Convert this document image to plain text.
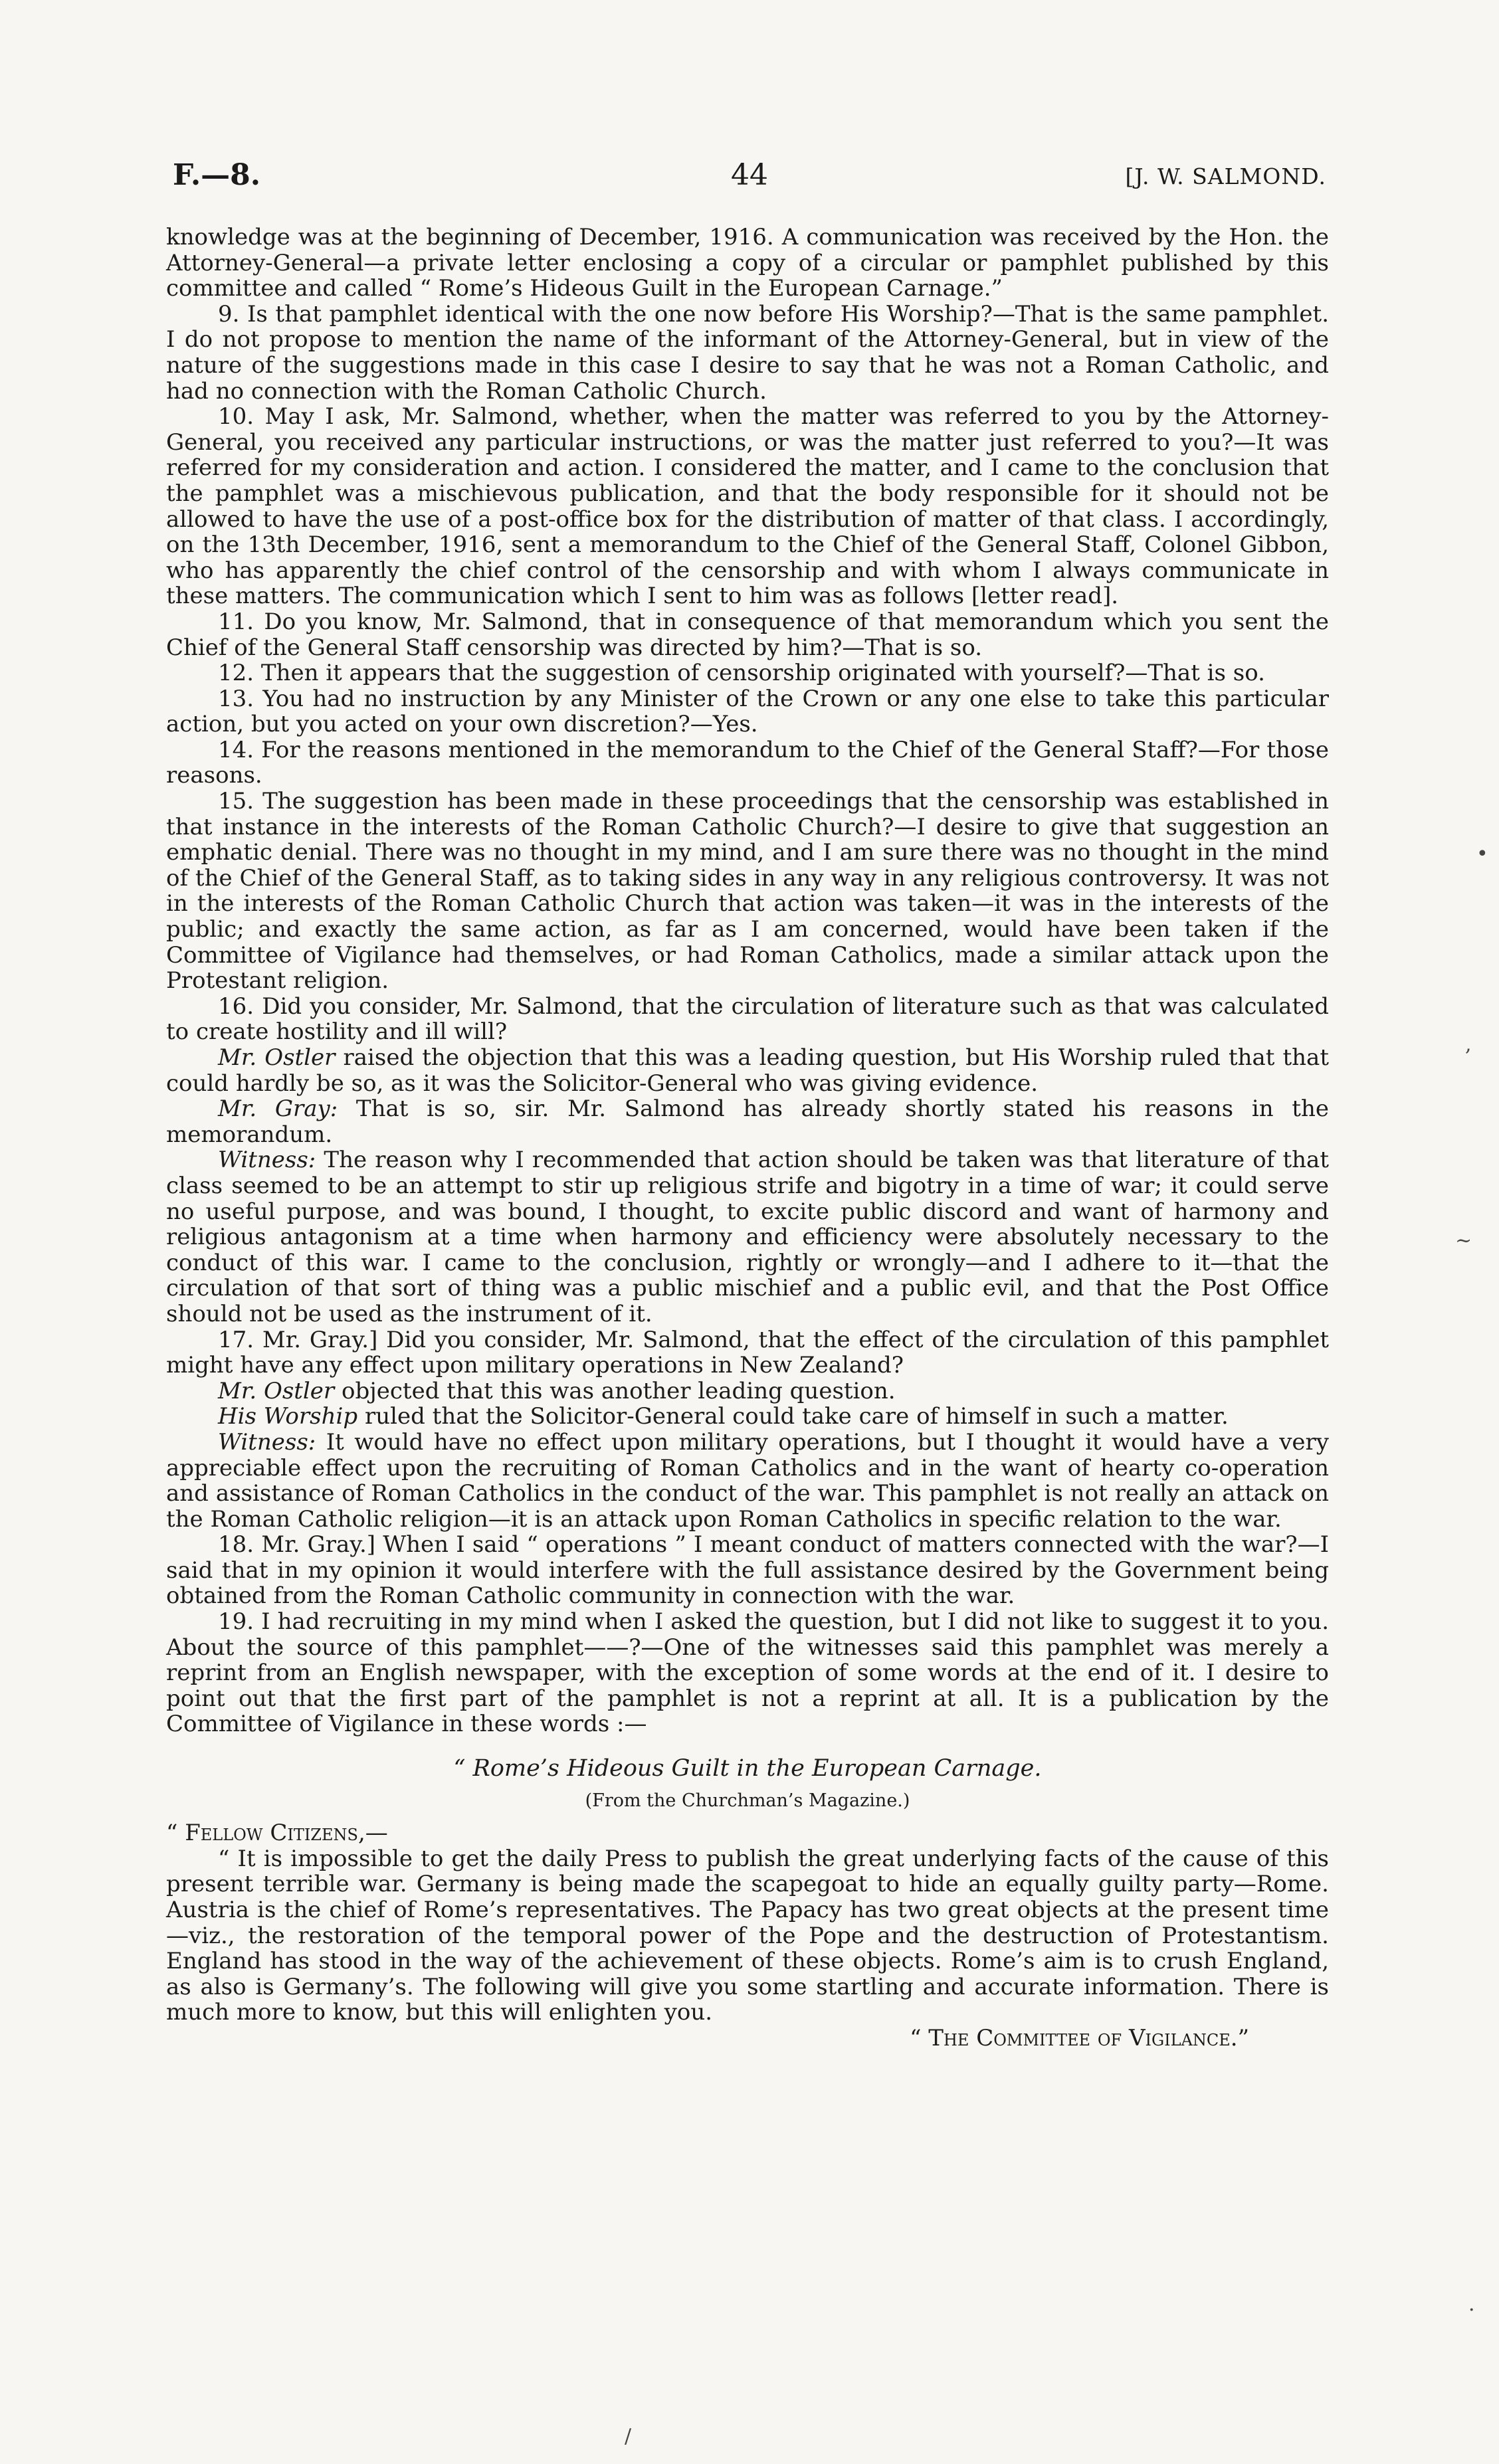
F.—8.	44	[J. W. SALMOND.

knowledge was at the beginning of December, 1916. A communication was received by the Hon. the Attorney-General—a private letter enclosing a copy of a circular or pamphlet published by this committee and called “ Rome’s Hideous Guilt in the European Carnage.”

9. Is that pamphlet identical with the one now before His Worship?—That is the same pamphlet. I do not propose to mention the name of the informant of the Attorney-General, but in view of the nature of the suggestions made in this case I desire to say that he was not a Roman Catholic, and had no connection with the Roman Catholic Church.

10. May I ask, Mr. Salmond, whether, when the matter was referred to you by the Attorney-General, you received any particular instructions, or was the matter just referred to you?—It was referred for my consideration and action. I considered the matter, and I came to the conclusion that the pamphlet was a mischievous publication, and that the body responsible for it should not be allowed to have the use of a post-office box for the distribution of matter of that class. I accordingly, on the 13th December, 1916, sent a memorandum to the Chief of the General Staff, Colonel Gibbon, who has apparently the chief control of the censorship and with whom I always communicate in these matters. The communication which I sent to him was as follows [letter read].

11. Do you know, Mr. Salmond, that in consequence of that memorandum which you sent the Chief of the General Staff censorship was directed by him?—That is so.

12. Then it appears that the suggestion of censorship originated with yourself?—That is so.

13. You had no instruction by any Minister of the Crown or any one else to take this particular action, but you acted on your own discretion?—Yes.

14. For the reasons mentioned in the memorandum to the Chief of the General Staff?—For those reasons.

15. The suggestion has been made in these proceedings that the censorship was established in that instance in the interests of the Roman Catholic Church?—I desire to give that suggestion an emphatic denial. There was no thought in my mind, and I am sure there was no thought in the mind of the Chief of the General Staff, as to taking sides in any way in any religious controversy. It was not in the interests of the Roman Catholic Church that action was taken—it was in the interests of the public; and exactly the same action, as far as I am concerned, would have been taken if the Committee of Vigilance had themselves, or had Roman Catholics, made a similar attack upon the Protestant religion.

16. Did you consider, Mr. Salmond, that the circulation of literature such as that was calculated to create hostility and ill will?

Mr. Ostler raised the objection that this was a leading question, but His Worship ruled that that could hardly be so, as it was the Solicitor-General who was giving evidence.

Mr. Gray: That is so, sir. Mr. Salmond has already shortly stated his reasons in the memorandum.

Witness: The reason why I recommended that action should be taken was that literature of that class seemed to be an attempt to stir up religious strife and bigotry in a time of war; it could serve no useful purpose, and was bound, I thought, to excite public discord and want of harmony and religious antagonism at a time when harmony and efficiency were absolutely necessary to the conduct of this war. I came to the conclusion, rightly or wrongly—and I adhere to it—that the circulation of that sort of thing was a public mischief and a public evil, and that the Post Office should not be used as the instrument of it.

17. Mr. Gray.] Did you consider, Mr. Salmond, that the effect of the circulation of this pamphlet might have any effect upon military operations in New Zealand?

Mr. Ostler objected that this was another leading question.

His Worship ruled that the Solicitor-General could take care of himself in such a matter.

Witness: It would have no effect upon military operations, but I thought it would have a very appreciable effect upon the recruiting of Roman Catholics and in the want of hearty co-operation and assistance of Roman Catholics in the conduct of the war. This pamphlet is not really an attack on the Roman Catholic religion—it is an attack upon Roman Catholics in specific relation to the war.

18. Mr. Gray.] When I said “ operations ” I meant conduct of matters connected with the war?—I said that in my opinion it would interfere with the full assistance desired by the Government being obtained from the Roman Catholic community in connection with the war.

19. I had recruiting in my mind when I asked the question, but I did not like to suggest it to you. About the source of this pamphlet——?—One of the witnesses said this pamphlet was merely a reprint from an English newspaper, with the exception of some words at the end of it. I desire to point out that the first part of the pamphlet is not a reprint at all. It is a publication by the Committee of Vigilance in these words :—

“ Rome’s Hideous Guilt in the European Carnage.

(From the Churchman’s Magazine.)

“ Fellow Citizens,—

“ It is impossible to get the daily Press to publish the great underlying facts of the cause of this present terrible war. Germany is being made the scapegoat to hide an equally guilty party—Rome. Austria is the chief of Rome’s representatives. The Papacy has two great objects at the present time—viz., the restoration of the temporal power of the Pope and the destruction of Protestantism. England has stood in the way of the achievement of these objects. Rome’s aim is to crush England, as also is Germany’s. The following will give you some startling and accurate information. There is much more to know, but this will enlighten you.

“ The Committee of Vigilance.”

•
,
~
·
/
